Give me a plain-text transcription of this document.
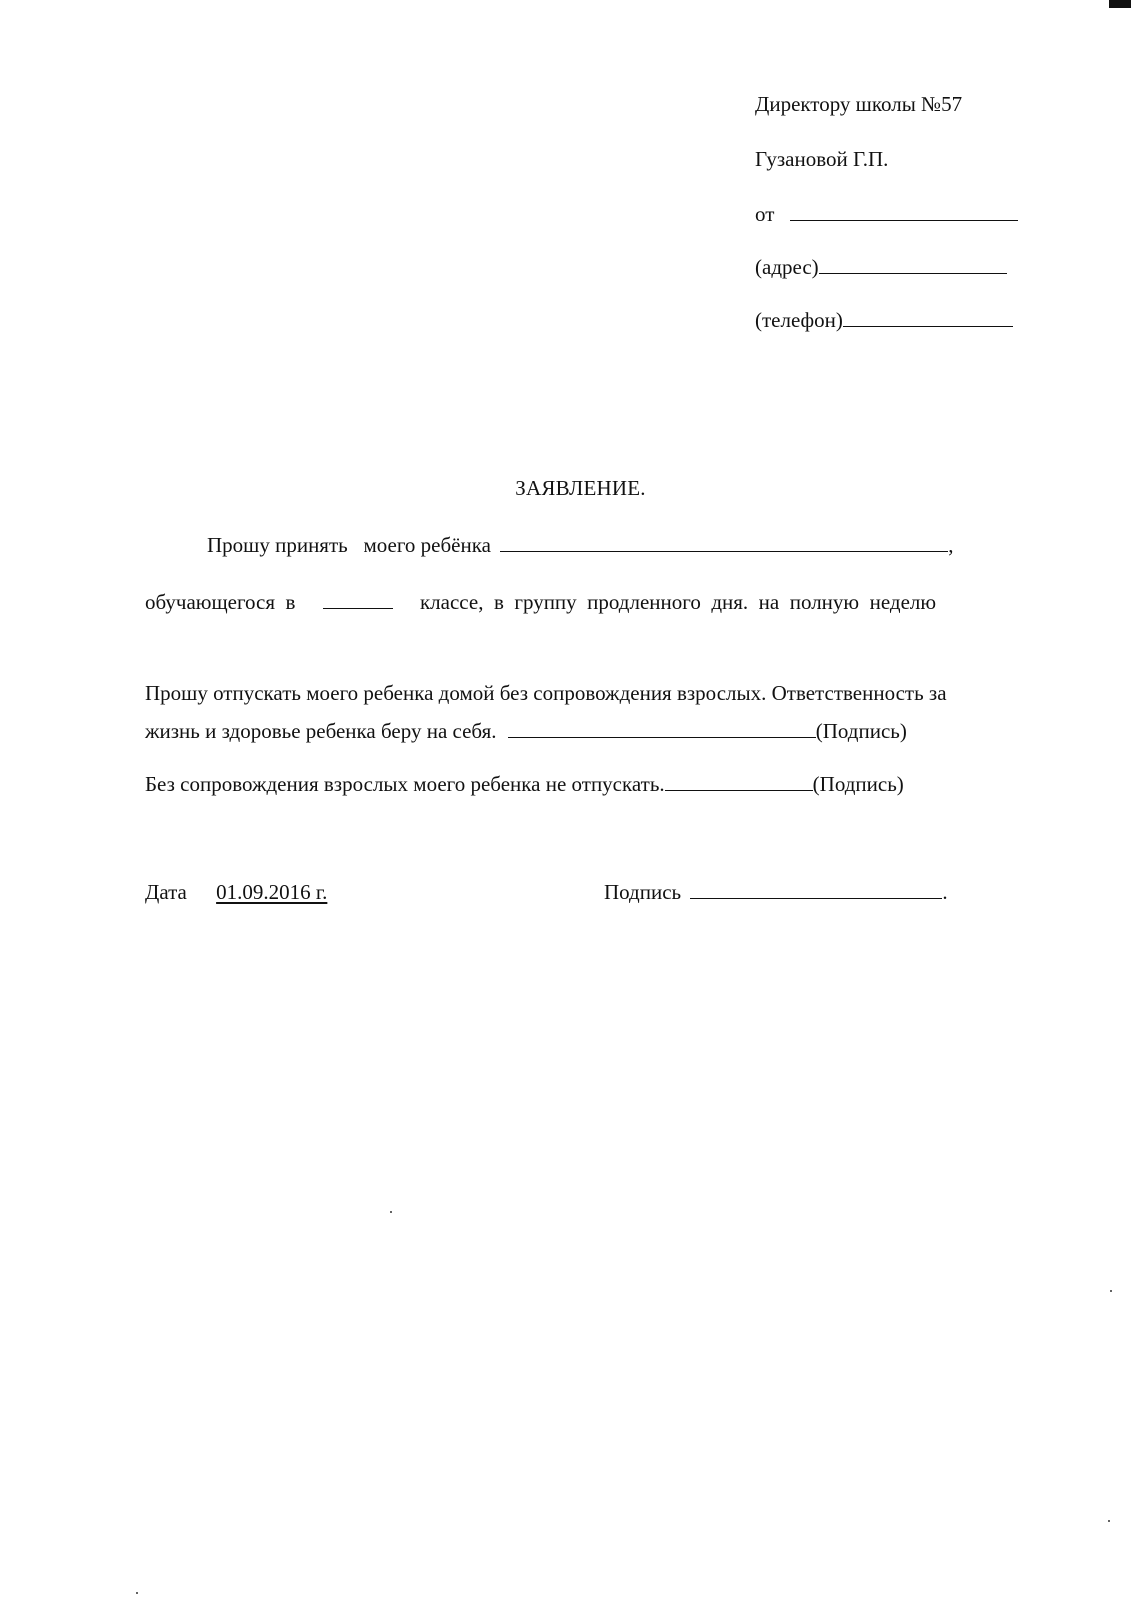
Директору школы №57
Гузановой Г.П.
от
(адрес)
(телефон)
ЗАЯВЛЕНИЕ.
Прошу принять   моего ребёнка	,
обучающегося  в	классе,  в  группу  продленного  дня.  на  полную  неделю
Прошу отпускать моего ребенка домой без сопровождения взрослых. Ответственность за
жизнь и здоровье ребенка беру на себя.	(Подпись)
Без сопровождения взрослых моего ребенка не отпускать.	(Подпись)
Дата 01.09.2016 г.	Подпись	.
